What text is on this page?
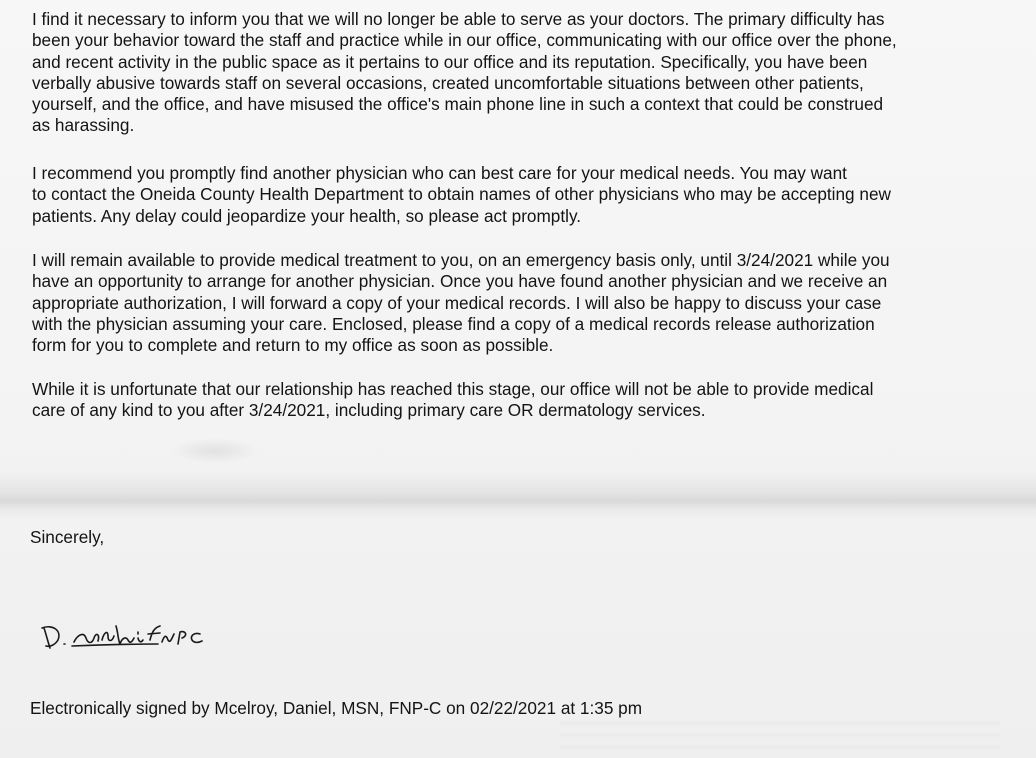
I find it necessary to inform you that we will no longer be able to serve as your doctors. The primary difficulty has
been your behavior toward the staff and practice while in our office, communicating with our office over the phone,
and recent activity in the public space as it pertains to our office and its reputation. Specifically, you have been
verbally abusive towards staff on several occasions, created uncomfortable situations between other patients,
yourself, and the office, and have misused the office's main phone line in such a context that could be construed
as harassing.

I recommend you promptly find another physician who can best care for your medical needs. You may want
to contact the Oneida County Health Department to obtain names of other physicians who may be accepting new
patients. Any delay could jeopardize your health, so please act promptly.

I will remain available to provide medical treatment to you, on an emergency basis only, until 3/24/2021 while you
have an opportunity to arrange for another physician. Once you have found another physician and we receive an
appropriate authorization, I will forward a copy of your medical records. I will also be happy to discuss your case
with the physician assuming your care. Enclosed, please find a copy of a medical records release authorization
form for you to complete and return to my office as soon as possible.

While it is unfortunate that our relationship has reached this stage, our office will not be able to provide medical
care of any kind to you after 3/24/2021, including primary care OR dermatology services.

Sincerely,

Electronically signed by Mcelroy, Daniel, MSN, FNP-C on 02/22/2021 at 1:35 pm
